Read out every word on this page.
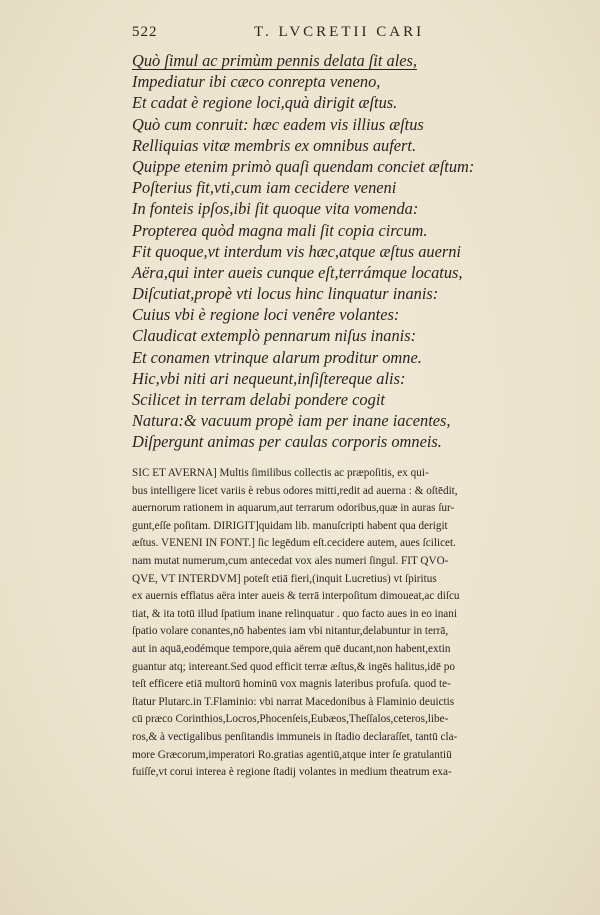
522	T. LVCRETII CARI
Quò ſimul ac primùm pennis delata ſit ales,
Impediatur ibi cæco conrepta veneno,
Et cadat è regione loci,quà dirigit æſtus.
Quò cum conruit: hæc eadem vis illius æſtus
Relliquias vitæ membris ex omnibus aufert.
Quippe etenim primò quaſi quendam conciet æſtum:
Poſterius fit,vti,cum iam cecidere veneni
In fonteis ipſos,ibi ſit quoque vita vomenda:
Propterea quòd magna mali ſit copia circum.
Fit quoque,vt interdum vis hæc,atque æſtus auerni
Aëra,qui inter aueis cunque eſt,terrámque locatus,
Diſcutiat,propè vti locus hinc linquatur inanis:
Cuius vbi è regione loci venêre volantes:
Claudicat extemplò pennarum niſus inanis:
Et conamen vtrinque alarum proditur omne.
Hic,vbi niti ari nequeunt,inſiſtereque alis:
Scilicet in terram delabi pondere cogit
Natura:& vacuum propè iam per inane iacentes,
Diſpergunt animas per caulas corporis omneis.
SIC ET AVERNA] Multis ſimilibus collectis ac præpoſitis, ex qui-
bus intelligere licet variis è rebus odores mitti,redit ad auerna : & oſtēdit,
auernorum rationem in aquarum,aut terrarum odoribus,quæ in auras ſur-
gunt,eſſe poſitam. DIRIGIT]quidam lib. manuſcripti habent qua derigit
æſtus. VENENI IN FONT.] ſic legēdum eſt.cecidere autem, aues ſcilicet.
nam mutat numerum,cum antecedat vox ales numeri ſingul. FIT QVO-
QVE, VT INTERDVM] poteſt etiā fieri,(inquit Lucretius) vt ſpiritus
ex auernis efflatus aëra inter aueis & terrā interpoſitum dimoueat,ac diſcu
tiat, & ita totū illud ſpatium inane relinquatur . quo facto aues in eo inani
ſpatio volare conantes,nō habentes iam vbi nitantur,delabuntur in terrā,
aut in aquā,eodémque tempore,quia aërem quē ducant,non habent,extin
guantur atq; intereant.Sed quod efficit terræ æſtus,& ingēs halitus,idē po
teſt efficere etiā multorū hominū vox magnis lateribus profuſa. quod te-
ſtatur Plutarc.in T.Flaminio: vbi narrat Macedonibus à Flaminio deuictis
cū præco Corinthios,Locros,Phocenſeis,Eubæos,Theſſalos,ceteros,libe-
ros,& à vectigalibus penſitandis immuneis in ſtadio declaraſſet, tantū cla-
more Græcorum,imperatori Ro.gratias agentiū,atque inter ſe gratulantiū
fuiſſe,vt corui interea è regione ſtadij volantes in medium theatrum exa-
